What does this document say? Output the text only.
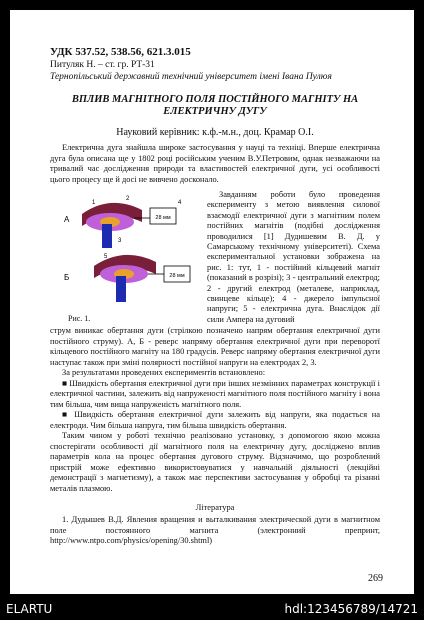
УДК 537.52, 538.56, 621.3.015
Питуляк Н. – ст. гр. РТ-31
Тернопільський державний технічний університет імені Івана Пулюя
ВПЛИВ МАГНІТНОГО ПОЛЯ ПОСТІЙНОГО МАГНІТУ НА ЕЛЕКТРИЧНУ ДУГУ
Науковий керівник: к.ф.-м.н., доц. Крамар О.І.

Електрична дуга знайшла широке застосування у науці та техніці. Вперше електрична дуга була описана ще у 1802 році російським ученим В.У.Петровим, однак незважаючи на тривалий час дослідження природи та властивостей електричної дуги, усі особливості цього процесу ще й досі не вивчено досконало.

28 мм
А
28 мм
Б
1
2
3
4
5
Рис. 1.

Завданням роботи було проведення експерименту з метою виявлення силової взаємодії електричної дуги з магнітним полем постійних магнітів (подібні дослідження проводилися [1] Дудишевим В. Д. у Самарському технічному університеті). Схема експериментальної установки зображена на рис. 1: тут, 1 - постійний кільцевий магніт (показаний в розрізі); 3 - центральний електрод; 2 - другий електрод (металеве, наприклад, свинцеве кільце); 4 - джерело імпульсної напруги; 5 - електрична дуга. Внаслідок дії сили Ампера на дуговий

струм виникає обертання дуги (стрілкою позначено напрям обертання електричної дуги постійного струму). А, Б - реверс напряму обертання електричної дуги при переворотї кільцевого постійного магніту на 180 градусів. Реверс напряму обертання електричної дуги наступає також при зміні полярності постійної напруги на електродах 2, 3.

За результатами проведених експериментів встановлено:

■ Швидкість обертання електричної дуги при інших незмінних параметрах конструкції і електричної частини, залежить від напруженості магнітного поля постійного магніту і вона тим більша, чим вища напруженість магнітного поля.

■ Швидкість обертання електричної дуги залежить від напруги, яка подається на електроди. Чим більша напруга, тим більша швидкість обертання.

Таким чином у роботі технічно реалізовано установку, з допомогою якою можна спостерігати особливості дії магнітного поля на електричну дугу, досліджено вплив параметрів кола на процес обертання дугового струму. Відзначимо, що розроблений пристрій може ефективно використовуватися у навчальній діяльності (лекційні демонстрації з магнетизму), а також має перспективи застосування у обробці та різанні металів плазмою.

Література

1. Дудышев В.Д. Явления вращения и выталкивания электрической дуги в магнитном поле постоянного магнита (электронний препринт, http://www.ntpo.com/physics/opening/30.shtml)

269
ELARTU	hdl:123456789/14721
